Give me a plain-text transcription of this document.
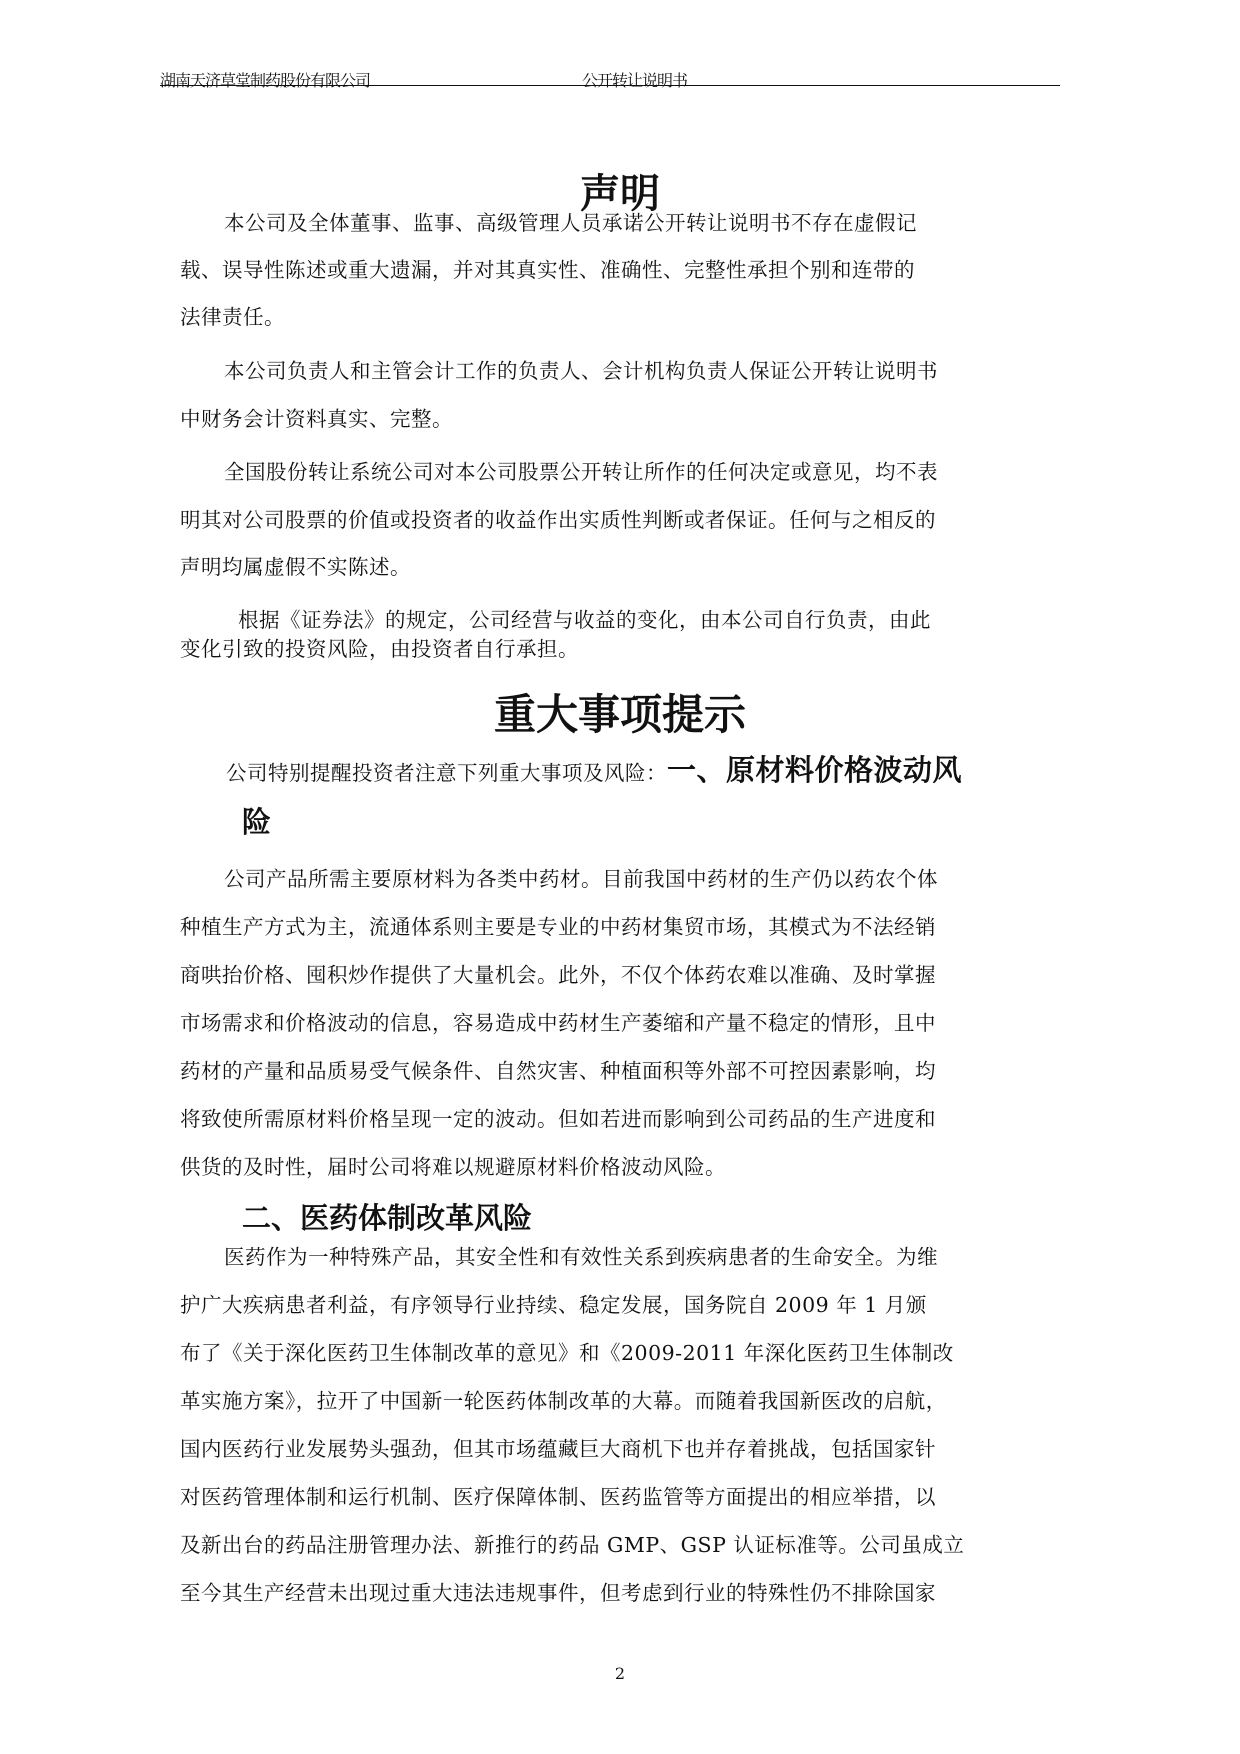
湖南天济草堂制药股份有限公司	公开转让说明书
声明
本公司及全体董事、监事、高级管理人员承诺公开转让说明书不存在虚假记
载、误导性陈述或重大遗漏，并对其真实性、准确性、完整性承担个别和连带的
法律责任。
本公司负责人和主管会计工作的负责人、会计机构负责人保证公开转让说明书
中财务会计资料真实、完整。
全国股份转让系统公司对本公司股票公开转让所作的任何决定或意见，均不表
明其对公司股票的价值或投资者的收益作出实质性判断或者保证。任何与之相反的
声明均属虚假不实陈述。
根据《证券法》的规定，公司经营与收益的变化，由本公司自行负责，由此
变化引致的投资风险，由投资者自行承担。
重大事项提示
公司特别提醒投资者注意下列重大事项及风险：一、原材料价格波动风
险
公司产品所需主要原材料为各类中药材。目前我国中药材的生产仍以药农个体
种植生产方式为主，流通体系则主要是专业的中药材集贸市场，其模式为不法经销
商哄抬价格、囤积炒作提供了大量机会。此外，不仅个体药农难以准确、及时掌握
市场需求和价格波动的信息，容易造成中药材生产萎缩和产量不稳定的情形，且中
药材的产量和品质易受气候条件、自然灾害、种植面积等外部不可控因素影响，均
将致使所需原材料价格呈现一定的波动。但如若进而影响到公司药品的生产进度和
供货的及时性，届时公司将难以规避原材料价格波动风险。
二、医药体制改革风险
医药作为一种特殊产品，其安全性和有效性关系到疾病患者的生命安全。为维
护广大疾病患者利益，有序领导行业持续、稳定发展，国务院自 2009 年 1 月颁
布了《关于深化医药卫生体制改革的意见》和《2009-2011 年深化医药卫生体制改
革实施方案》，拉开了中国新一轮医药体制改革的大幕。而随着我国新医改的启航，
国内医药行业发展势头强劲，但其市场蕴藏巨大商机下也并存着挑战，包括国家针
对医药管理体制和运行机制、医疗保障体制、医药监管等方面提出的相应举措，以
及新出台的药品注册管理办法、新推行的药品 GMP、GSP 认证标准等。公司虽成立
至今其生产经营未出现过重大违法违规事件，但考虑到行业的特殊性仍不排除国家
2
